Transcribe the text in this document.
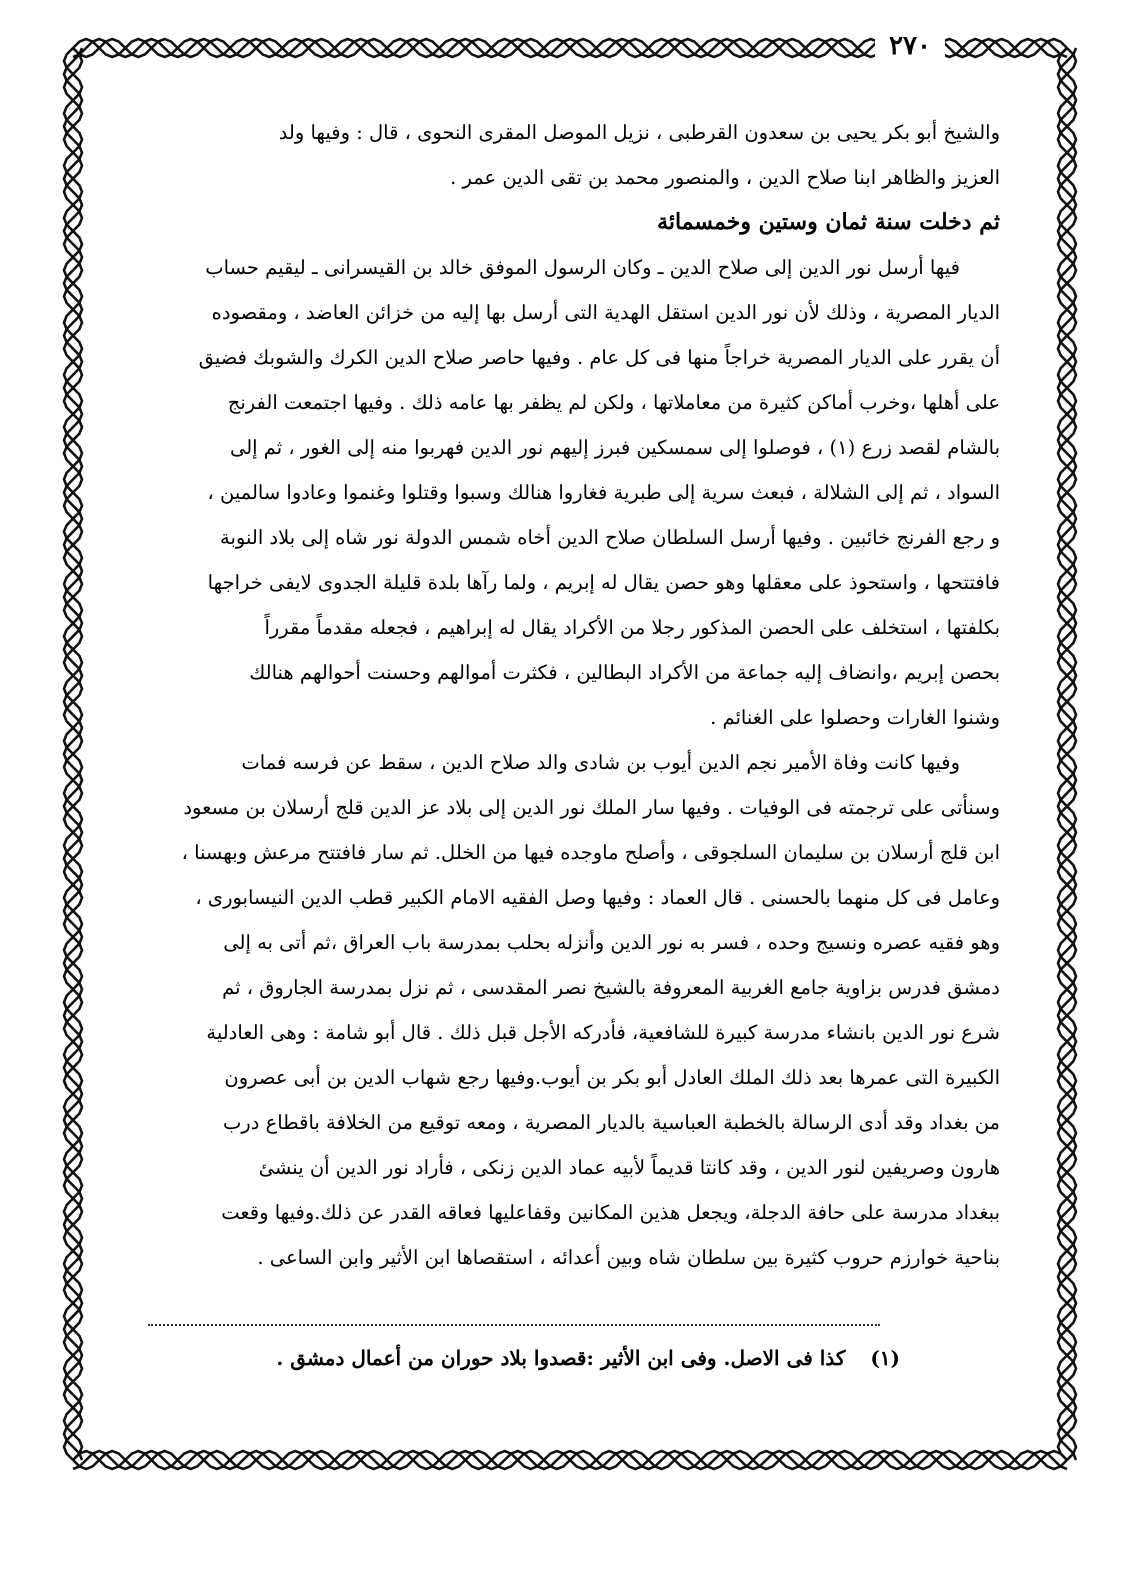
٢٧٠
والشيخ أبو بكر يحيى بن سعدون القرطبى ، نزيل الموصل المقرى النحوى ، قال : وفيها ولد
العزيز والظاهر ابنا صلاح الدين ، والمنصور محمد بن تقى الدين عمر .
ثم دخلت سنة ثمان وستين وخمسمائة
فيها أرسل نور الدين إلى صلاح الدين ـ وكان الرسول الموفق خالد بن القيسرانى ـ ليقيم حساب
الديار المصرية ، وذلك لأن نور الدين استقل الهدية التى أرسل بها إليه من خزائن العاضد ، ومقصوده
أن يقرر على الديار المصرية خراجاً منها فى كل عام . وفيها حاصر صلاح الدين الكرك والشوبك فضيق
على أهلها ،وخرب أماكن كثيرة من معاملاتها ، ولكن لم يظفر بها عامه ذلك . وفيها اجتمعت الفرنج
بالشام لقصد زرع (١) ، فوصلوا إلى سمسكين فبرز إليهم نور الدين فهربوا منه إلى الغور ، ثم إلى
السواد ، ثم إلى الشلالة ، فبعث سرية إلى طبرية فغاروا هنالك وسبوا وقتلوا وغنموا وعادوا سالمين ،
و رجع الفرنج خائبين . وفيها أرسل السلطان صلاح الدين أخاه شمس الدولة نور شاه إلى بلاد النوبة
فافتتحها ، واستحوذ على معقلها وهو حصن يقال له إبريم ، ولما رآها بلدة قليلة الجدوى لايفى خراجها
بكلفتها ، استخلف على الحصن المذكور رجلا من الأكراد يقال له إبراهيم ، فجعله مقدماً مقرراً
بحصن إبريم ،وانضاف إليه جماعة من الأكراد البطالين ، فكثرت أموالهم وحسنت أحوالهم هنالك
وشنوا الغارات وحصلوا على الغنائم .
وفيها كانت وفاة الأمير نجم الدين أيوب بن شادى والد صلاح الدين ، سقط عن فرسه فمات
وسنأتى على ترجمته فى الوفيات . وفيها سار الملك نور الدين إلى بلاد عز الدين قلج أرسلان بن مسعود
ابن قلج أرسلان بن سليمان السلجوقى ، وأصلح ماوجده فيها من الخلل. ثم سار فافتتح مرعش وبهسنا ،
وعامل فى كل منهما بالحسنى . قال العماد : وفيها وصل الفقيه الامام الكبير قطب الدين النيسابورى ،
وهو فقيه عصره ونسيج وحده ، فسر به نور الدين وأنزله بحلب بمدرسة باب العراق ،ثم أتى به إلى
دمشق فدرس بزاوية جامع الغربية المعروفة بالشيخ نصر المقدسى ، ثم نزل بمدرسة الجاروق ، ثم
شرع نور الدين بانشاء مدرسة كبيرة للشافعية، فأدركه الأجل قبل ذلك . قال أبو شامة : وهى العادلية
الكبيرة التى عمرها بعد ذلك الملك العادل أبو بكر بن أيوب.وفيها رجع شهاب الدين بن أبى عصرون
من بغداد وقد أدى الرسالة بالخطبة العباسية بالديار المصرية ، ومعه توقيع من الخلافة باقطاع درب
هارون وصريفين لنور الدين ، وقد كانتا قديماً لأبيه عماد الدين زنكى ، فأراد نور الدين أن ينشئ
ببغداد مدرسة على حافة الدجلة، ويجعل هذين المكانين وقفاعليها فعاقه القدر عن ذلك.وفيها وقعت
بناحية خوارزم حروب كثيرة بين سلطان شاه وبين أعدائه ، استقصاها ابن الأثير وابن الساعى .
(١) كذا فى الاصل. وفى ابن الأثير :قصدوا بلاد حوران من أعمال دمشق .
